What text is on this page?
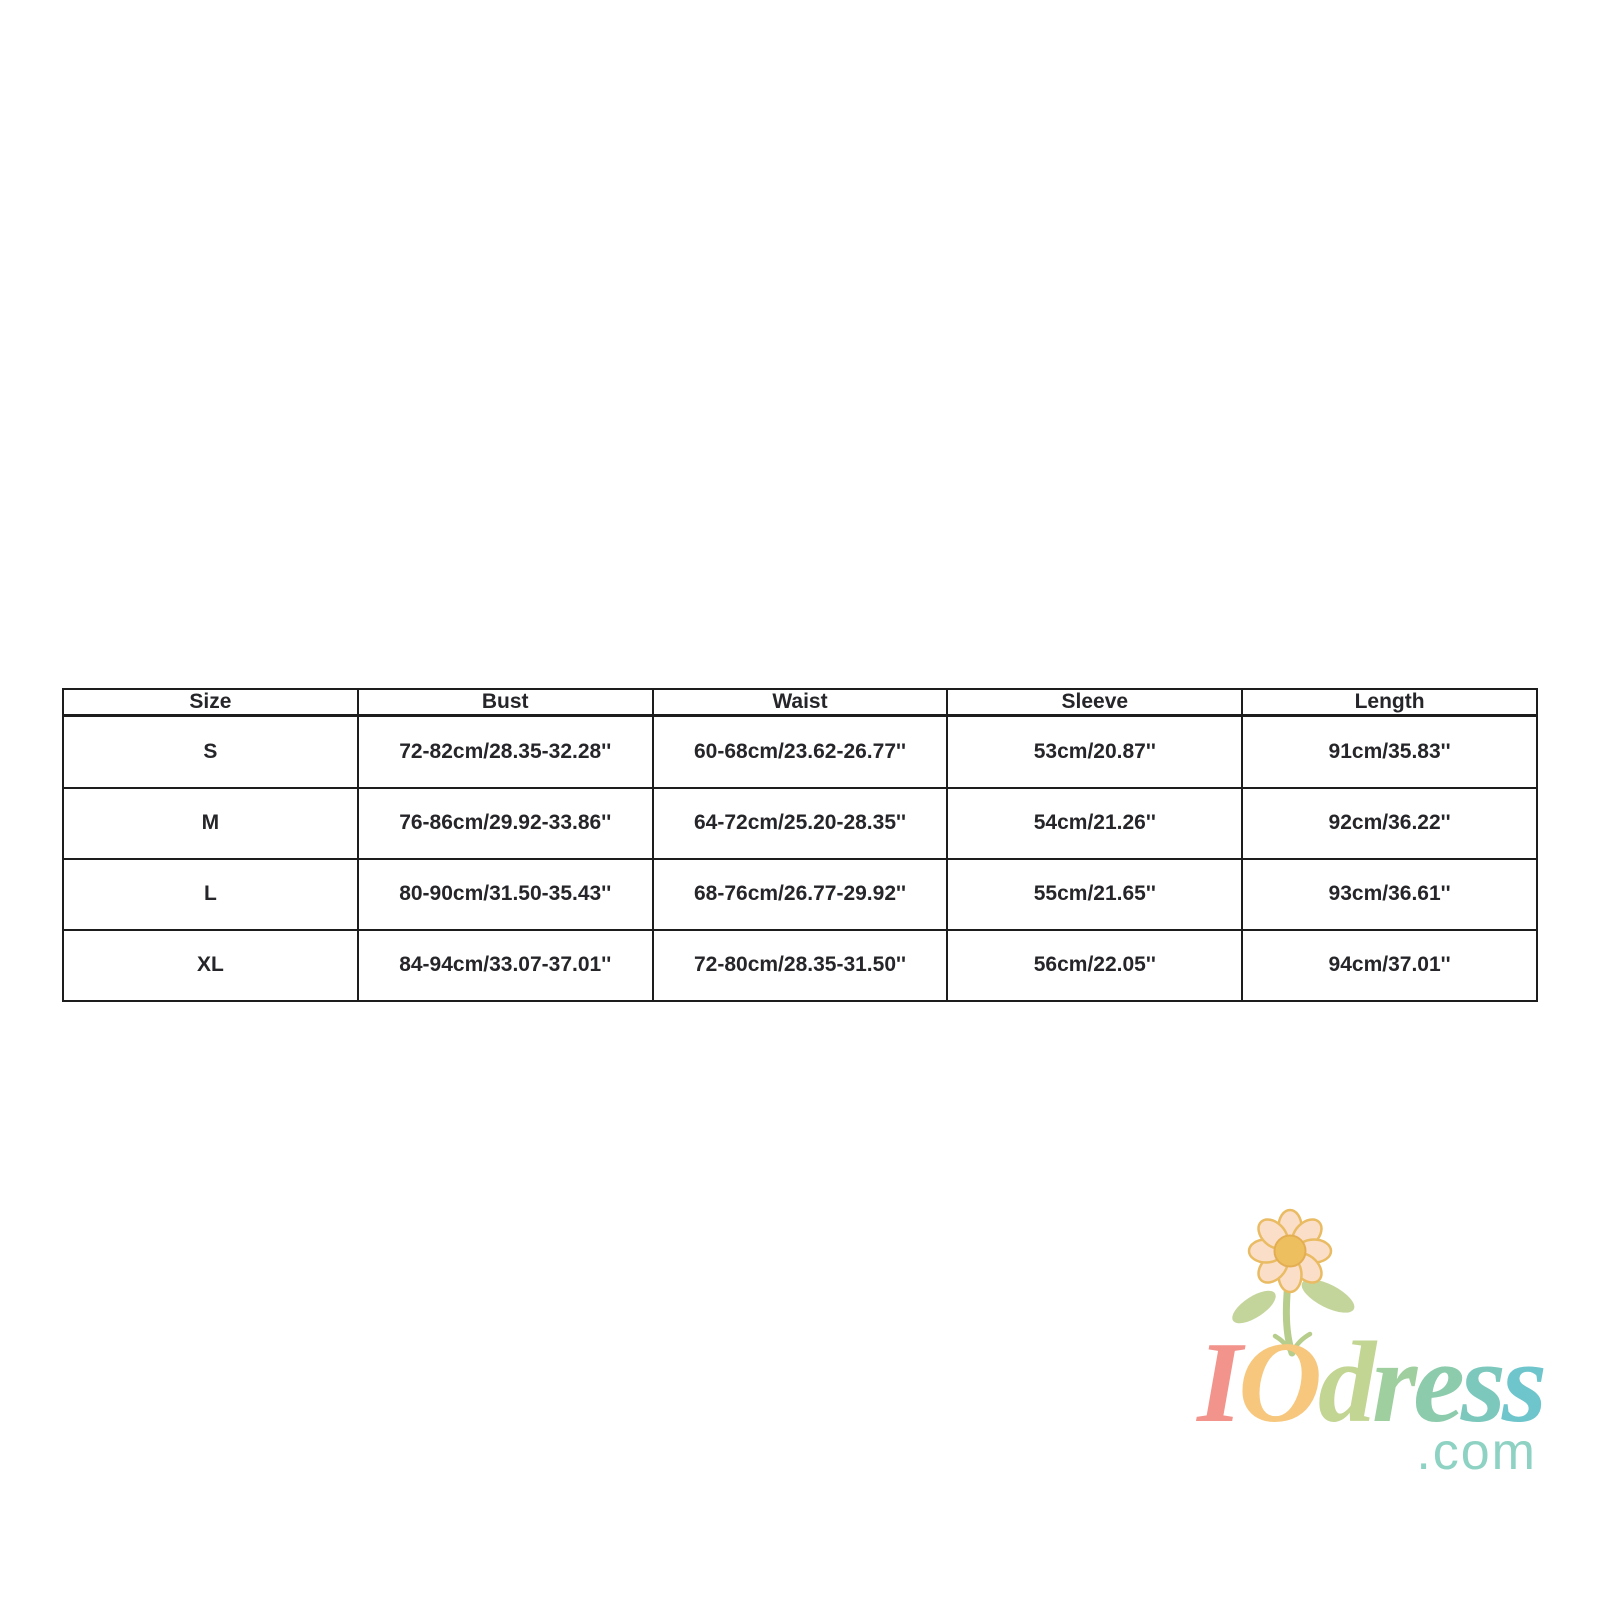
Size	Bust	Waist	Sleeve	Length
S	72-82cm/28.35-32.28''	60-68cm/23.62-26.77''	53cm/20.87''	91cm/35.83''
M	76-86cm/29.92-33.86''	64-72cm/25.20-28.35''	54cm/21.26''	92cm/36.22''
L	80-90cm/31.50-35.43''	68-76cm/26.77-29.92''	55cm/21.65''	93cm/36.61''
XL	84-94cm/33.07-37.01''	72-80cm/28.35-31.50''	56cm/22.05''	94cm/37.01''
IOdress
.com
